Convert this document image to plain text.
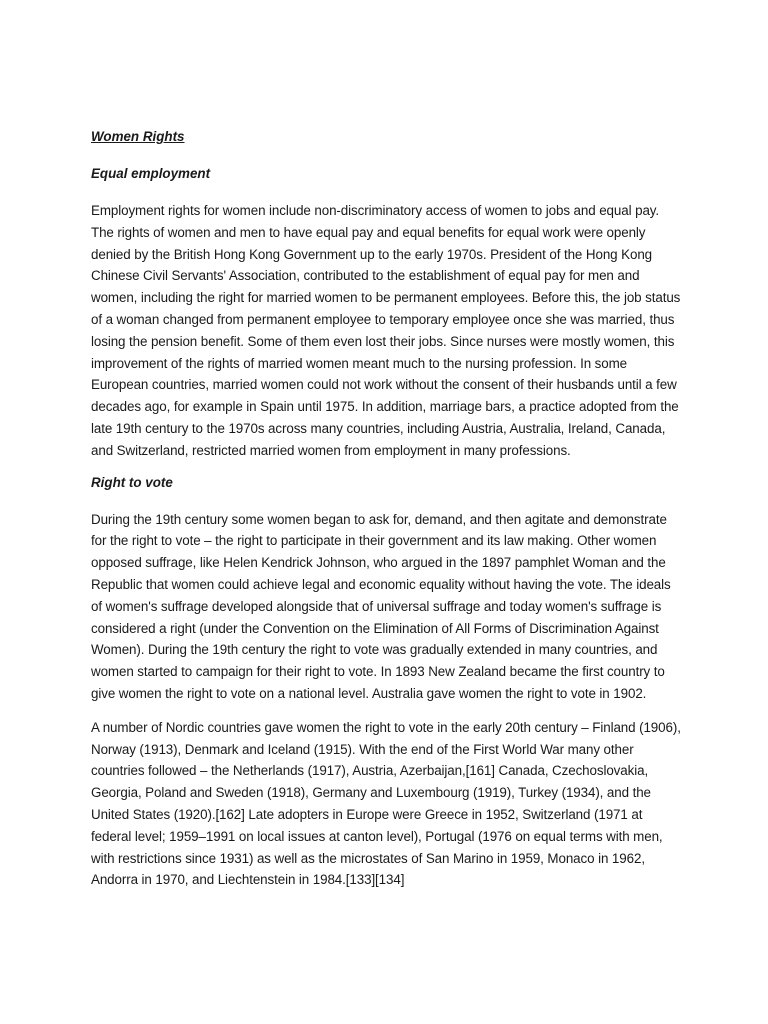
Women Rights
Equal employment

Employment rights for women include non-discriminatory access of women to jobs and equal pay. The rights of women and men to have equal pay and equal benefits for equal work were openly denied by the British Hong Kong Government up to the early 1970s. President of the Hong Kong Chinese Civil Servants' Association, contributed to the establishment of equal pay for men and women, including the right for married women to be permanent employees. Before this, the job status of a woman changed from permanent employee to temporary employee once she was married, thus losing the pension benefit. Some of them even lost their jobs. Since nurses were mostly women, this improvement of the rights of married women meant much to the nursing profession. In some European countries, married women could not work without the consent of their husbands until a few decades ago, for example in Spain until 1975. In addition, marriage bars, a practice adopted from the late 19th century to the 1970s across many countries, including Austria, Australia, Ireland, Canada, and Switzerland, restricted married women from employment in many professions.

Right to vote

During the 19th century some women began to ask for, demand, and then agitate and demonstrate for the right to vote – the right to participate in their government and its law making. Other women opposed suffrage, like Helen Kendrick Johnson, who argued in the 1897 pamphlet Woman and the Republic that women could achieve legal and economic equality without having the vote. The ideals of women's suffrage developed alongside that of universal suffrage and today women's suffrage is considered a right (under the Convention on the Elimination of All Forms of Discrimination Against Women). During the 19th century the right to vote was gradually extended in many countries, and women started to campaign for their right to vote. In 1893 New Zealand became the first country to give women the right to vote on a national level. Australia gave women the right to vote in 1902.

A number of Nordic countries gave women the right to vote in the early 20th century – Finland (1906), Norway (1913), Denmark and Iceland (1915). With the end of the First World War many other countries followed – the Netherlands (1917), Austria, Azerbaijan,[161] Canada, Czechoslovakia, Georgia, Poland and Sweden (1918), Germany and Luxembourg (1919), Turkey (1934), and the United States (1920).[162] Late adopters in Europe were Greece in 1952, Switzerland (1971 at federal level; 1959–1991 on local issues at canton level), Portugal (1976 on equal terms with men, with restrictions since 1931) as well as the microstates of San Marino in 1959, Monaco in 1962, Andorra in 1970, and Liechtenstein in 1984.[133][134]
